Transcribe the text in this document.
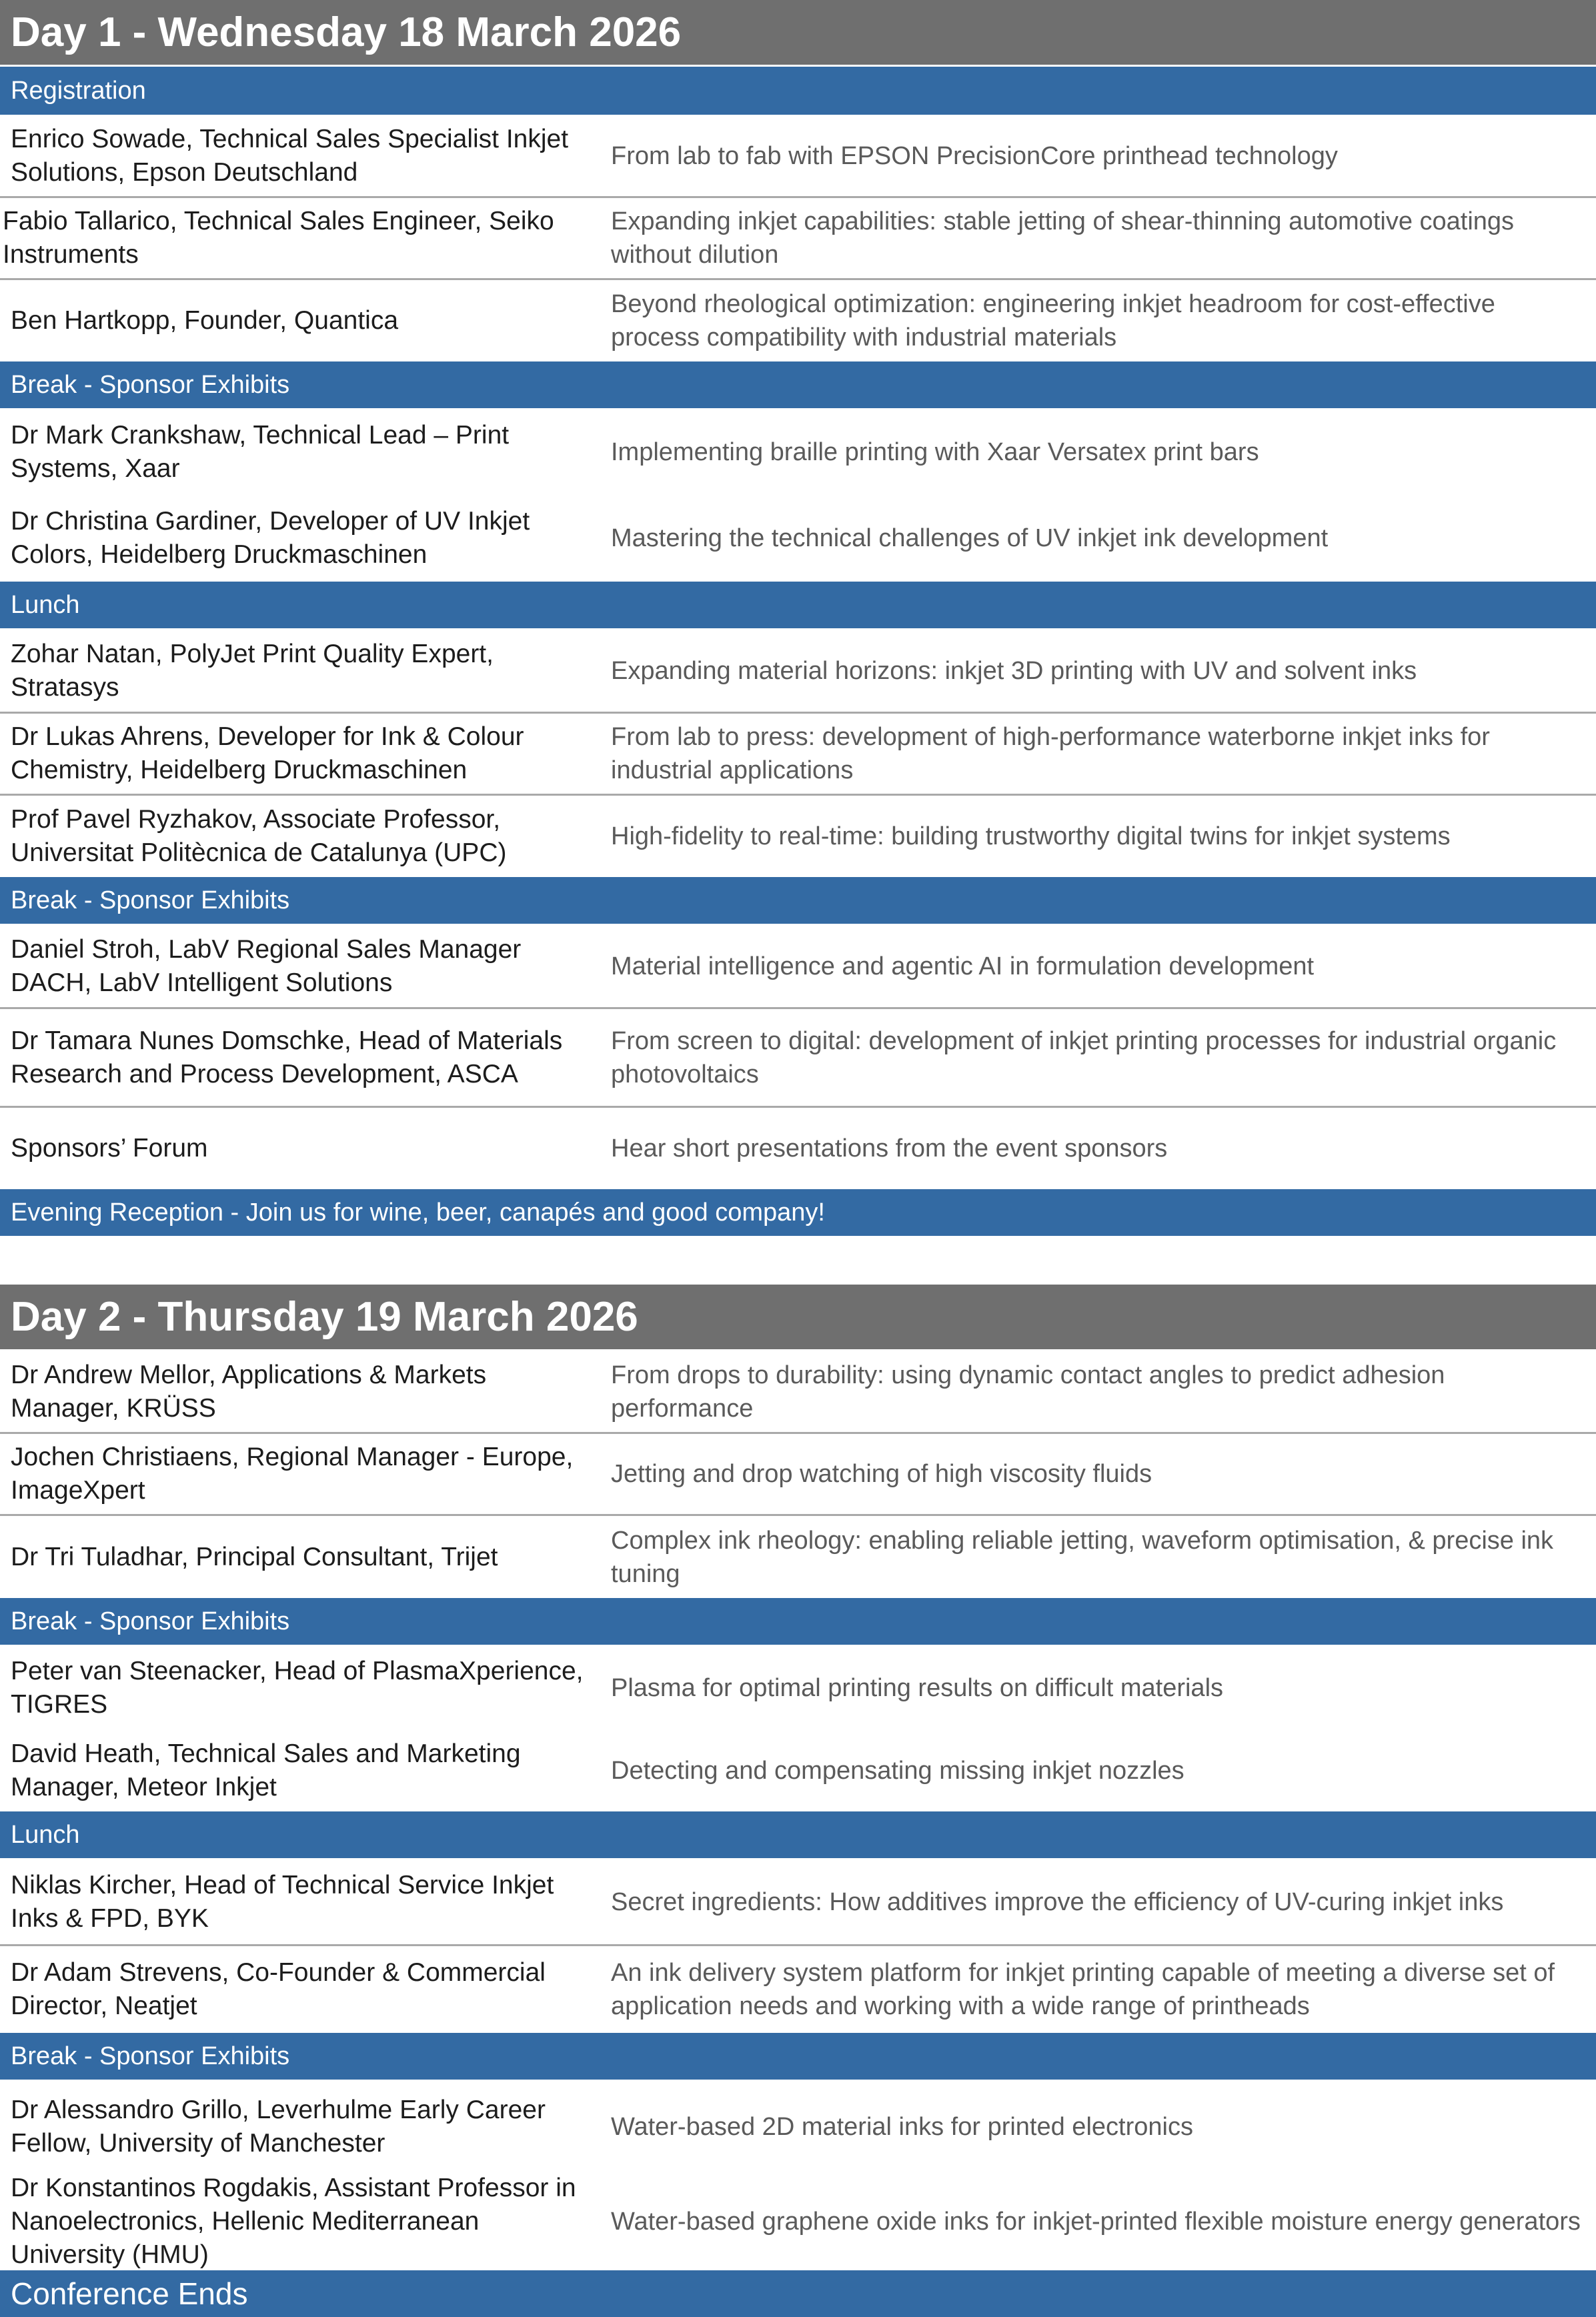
Day 1 - Wednesday 18 March 2026
Registration
Enrico Sowade, Technical Sales Specialist Inkjet Solutions, Epson Deutschland
From lab to fab with EPSON PrecisionCore printhead technology
Fabio Tallarico, Technical Sales Engineer, Seiko Instruments
Expanding inkjet capabilities: stable jetting of shear-thinning automotive coatings without dilution
Ben Hartkopp, Founder, Quantica
Beyond rheological optimization: engineering inkjet headroom for cost-effective process compatibility with industrial materials
Break - Sponsor Exhibits
Dr Mark Crankshaw, Technical Lead – Print Systems, Xaar
Implementing braille printing with Xaar Versatex print bars
Dr Christina Gardiner, Developer of UV Inkjet Colors, Heidelberg Druckmaschinen
Mastering the technical challenges of UV inkjet ink development
Lunch
Zohar Natan, PolyJet Print Quality Expert, Stratasys
Expanding material horizons: inkjet 3D printing with UV and solvent inks
Dr Lukas Ahrens, Developer for Ink & Colour Chemistry, Heidelberg Druckmaschinen
From lab to press: development of high-performance waterborne inkjet inks for industrial applications
Prof Pavel Ryzhakov, Associate Professor, Universitat Politècnica de Catalunya (UPC)
High-fidelity to real-time: building trustworthy digital twins for inkjet systems
Break - Sponsor Exhibits
Daniel Stroh, LabV Regional Sales Manager DACH, LabV Intelligent Solutions
Material intelligence and agentic AI in formulation development
Dr Tamara Nunes Domschke, Head of Materials Research and Process Development, ASCA
From screen to digital: development of inkjet printing processes for industrial organic photovoltaics
Sponsors’ Forum	Hear short presentations from the event sponsors
Evening Reception - Join us for wine, beer, canapés and good company!
Day 2 - Thursday 19 March 2026
Dr Andrew Mellor, Applications & Markets Manager, KRÜSS
From drops to durability: using dynamic contact angles to predict adhesion performance
Jochen Christiaens, Regional Manager - Europe, ImageXpert
Jetting and drop watching of high viscosity fluids
Dr Tri Tuladhar, Principal Consultant, Trijet
Complex ink rheology: enabling reliable jetting, waveform optimisation, & precise ink tuning
Break - Sponsor Exhibits
Peter van Steenacker, Head of PlasmaXperience, TIGRES
Plasma for optimal printing results on difficult materials
David Heath, Technical Sales and Marketing Manager, Meteor Inkjet
Detecting and compensating missing inkjet nozzles
Lunch
Niklas Kircher, Head of Technical Service Inkjet Inks & FPD, BYK
Secret ingredients: How additives improve the efficiency of UV-curing inkjet inks
Dr Adam Strevens, Co-Founder & Commercial Director, Neatjet
An ink delivery system platform for inkjet printing capable of meeting a diverse set of application needs and working with a wide range of printheads
Break - Sponsor Exhibits
Dr Alessandro Grillo, Leverhulme Early Career Fellow, University of Manchester
Water-based 2D material inks for printed electronics
Dr Konstantinos Rogdakis, Assistant Professor in Nanoelectronics, Hellenic Mediterranean University (HMU)
Water-based graphene oxide inks for inkjet-printed flexible moisture energy generators
Conference Ends
